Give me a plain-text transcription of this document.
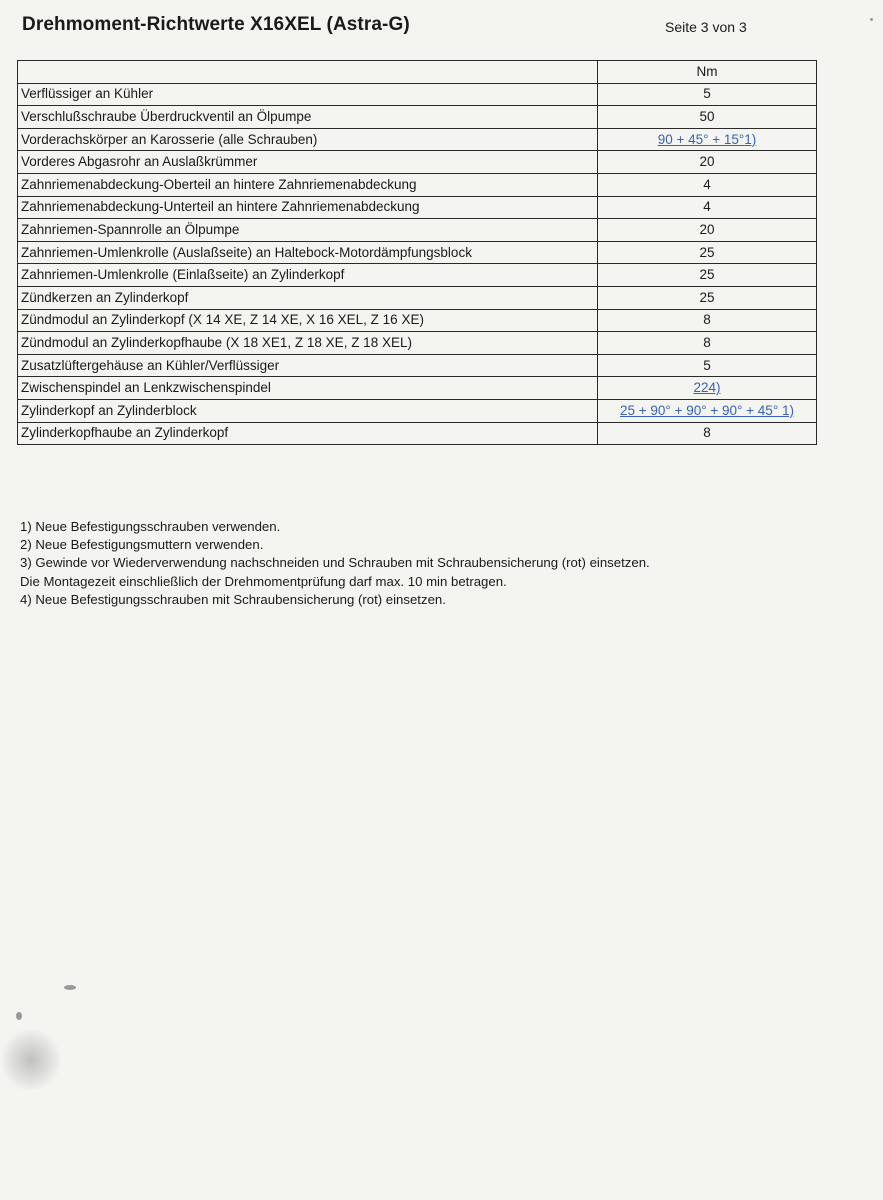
Drehmoment-Richtwerte X16XEL (Astra-G)	Seite 3 von 3
	Nm
Verflüssiger an Kühler	5
Verschlußschraube Überdruckventil an Ölpumpe	50
Vorderachskörper an Karosserie (alle Schrauben)	90 + 45° + 15°1)
Vorderes Abgasrohr an Auslaßkrümmer	20
Zahnriemenabdeckung-Oberteil an hintere Zahnriemenabdeckung	4
Zahnriemenabdeckung-Unterteil an hintere Zahnriemenabdeckung	4
Zahnriemen-Spannrolle an Ölpumpe	20
Zahnriemen-Umlenkrolle (Auslaßseite) an Haltebock-Motordämpfungsblock	25
Zahnriemen-Umlenkrolle (Einlaßseite) an Zylinderkopf	25
Zündkerzen an Zylinderkopf	25
Zündmodul an Zylinderkopf (X 14 XE, Z 14 XE, X 16 XEL, Z 16 XE)	8
Zündmodul an Zylinderkopfhaube (X 18 XE1, Z 18 XE, Z 18 XEL)	8
Zusatzlüftergehäuse an Kühler/Verflüssiger	5
Zwischenspindel an Lenkzwischenspindel	224)
Zylinderkopf an Zylinderblock	25 + 90° + 90° + 90° + 45° 1)
Zylinderkopfhaube an Zylinderkopf	8
1) Neue Befestigungsschrauben verwenden.
2) Neue Befestigungsmuttern verwenden.
3) Gewinde vor Wiederverwendung nachschneiden und Schrauben mit Schraubensicherung (rot) einsetzen.
Die Montagezeit einschließlich der Drehmomentprüfung darf max. 10 min betragen.
4) Neue Befestigungsschrauben mit Schraubensicherung (rot) einsetzen.
